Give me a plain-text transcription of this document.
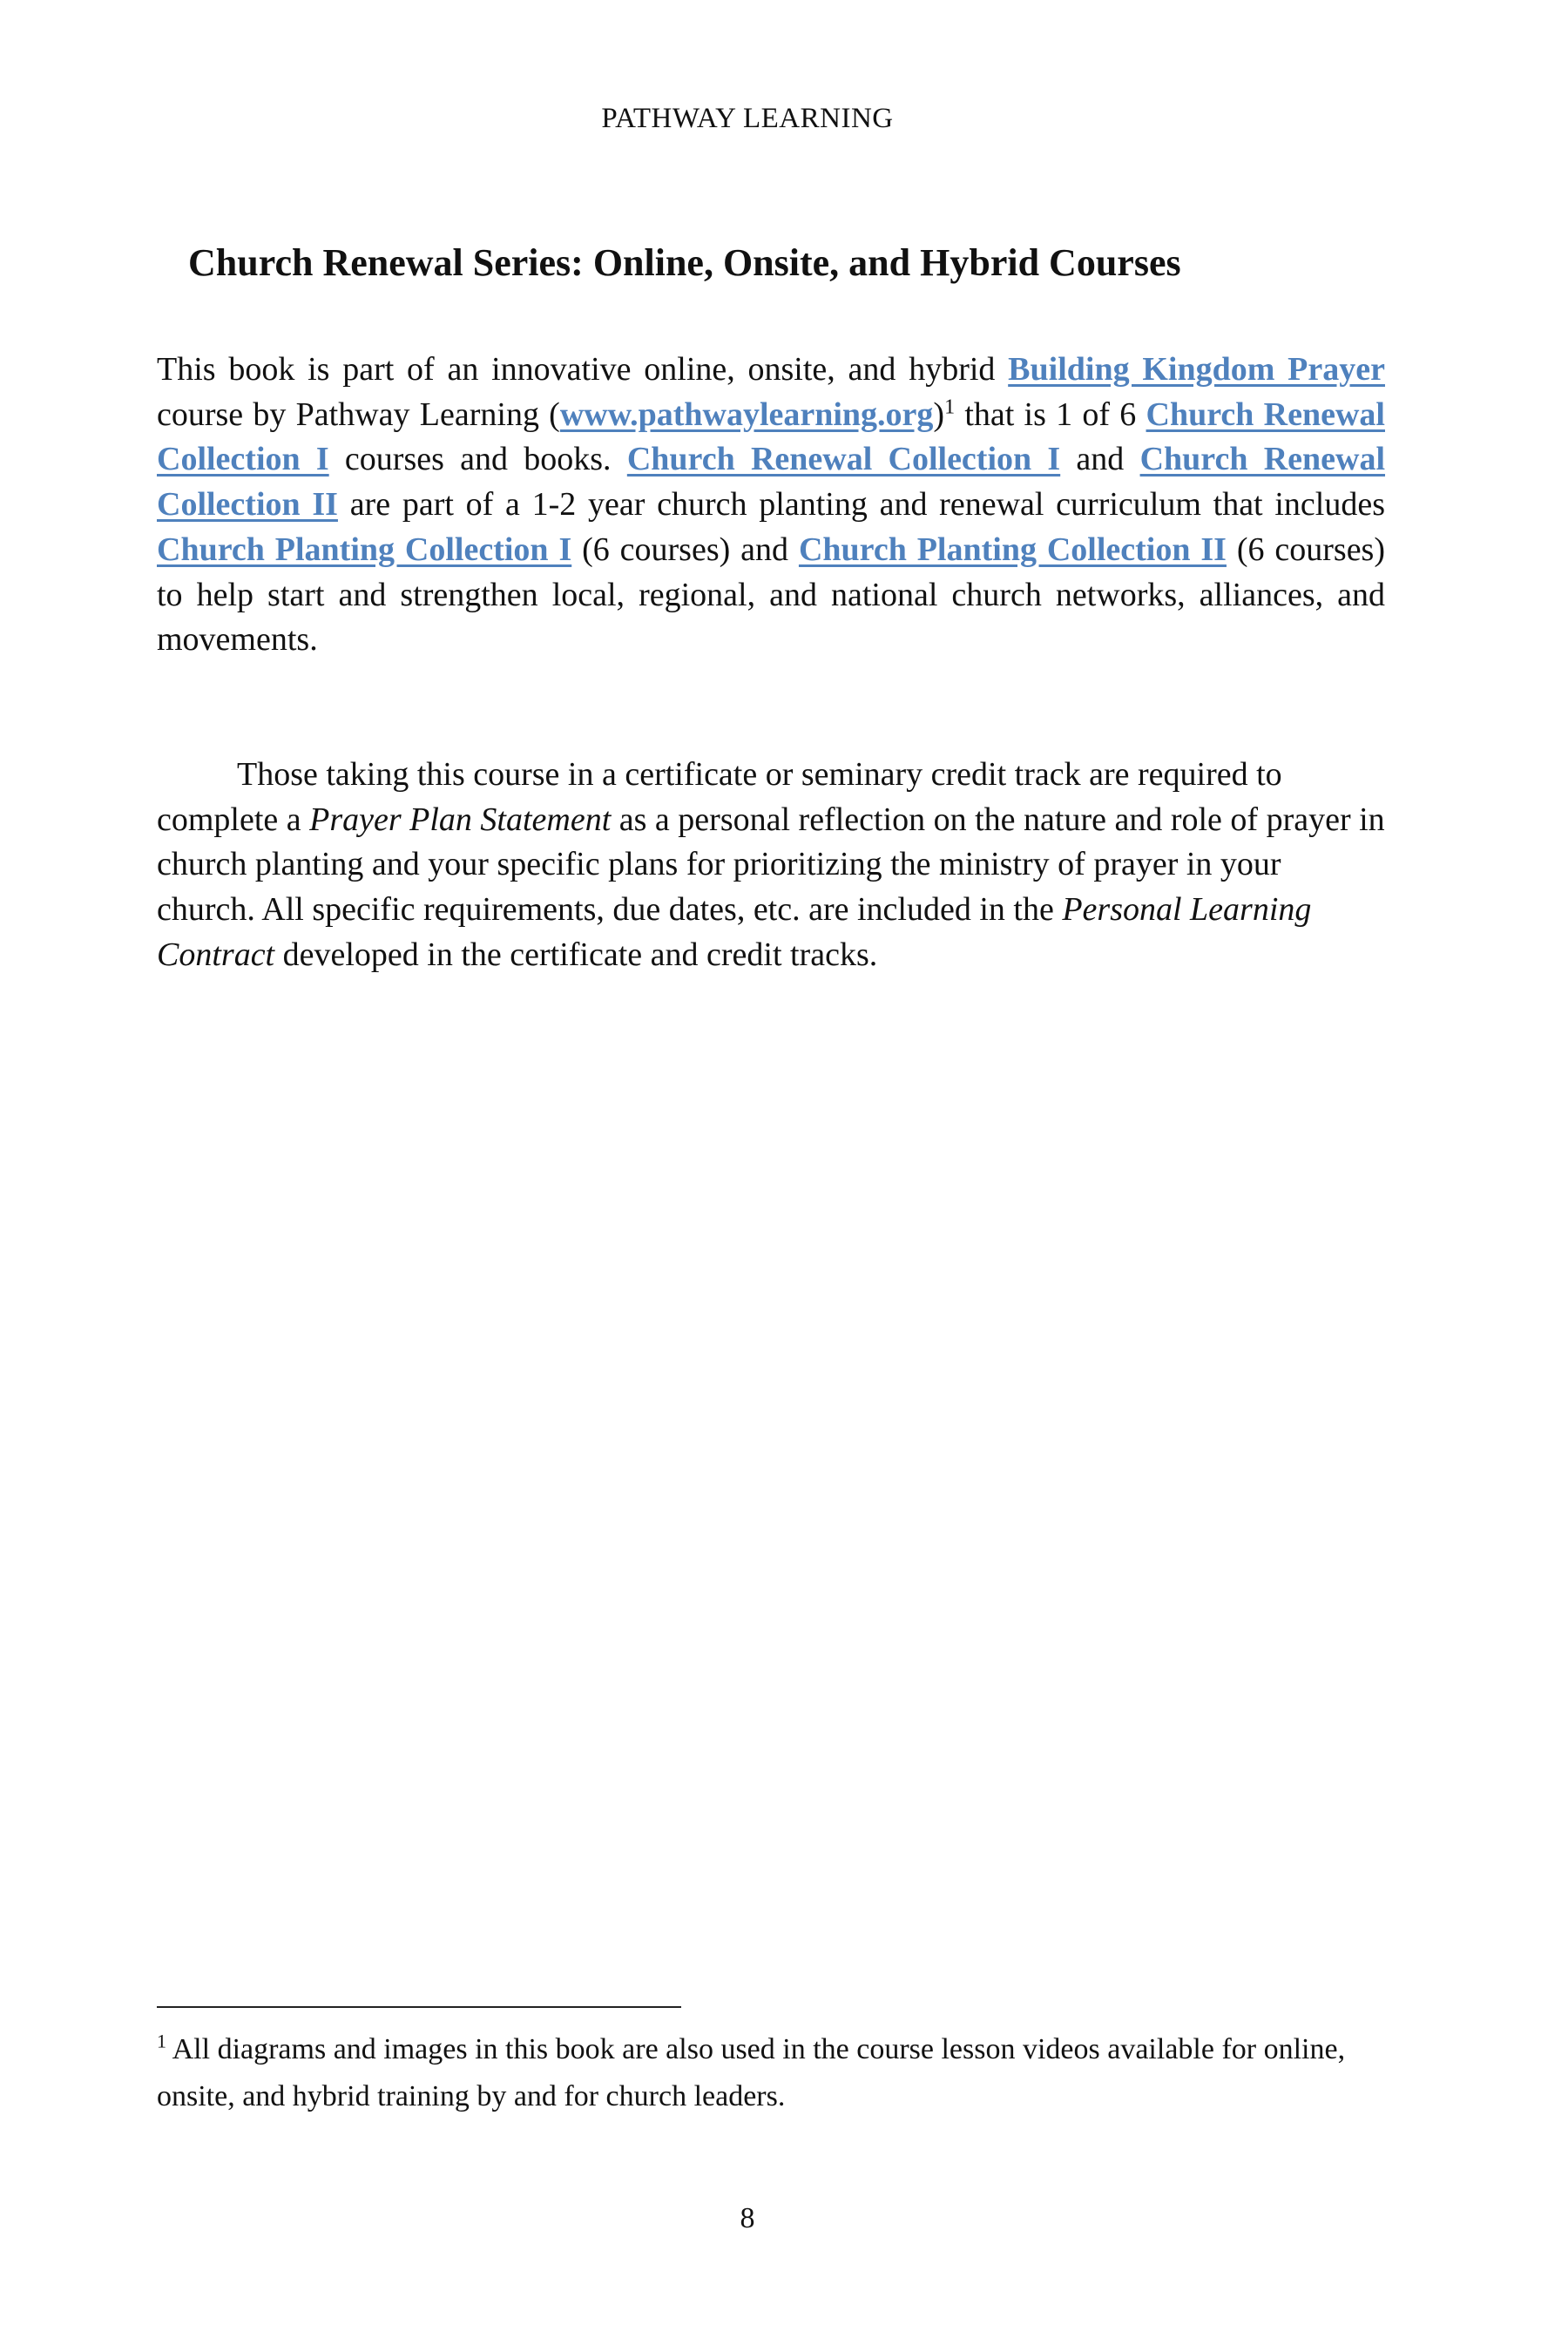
PATHWAY LEARNING

Church Renewal Series: Online, Onsite, and Hybrid Courses

This book is part of an innovative online, onsite, and hybrid Building Kingdom Prayer course by Pathway Learning (www.pathwaylearning.org)$^1$ that is 1 of 6 Church Renewal Collection I courses and books. Church Renewal Collection I and Church Renewal Collection II are part of a 1-2 year church planting and renewal curriculum that includes Church Planting Collection I (6 courses) and Church Planting Collection II (6 courses) to help start and strengthen local, regional, and national church networks, alliances, and movements.

Those taking this course in a certificate or seminary credit track are required to complete a Prayer Plan Statement as a personal reflection on the nature and role of prayer in church planting and your specific plans for prioritizing the ministry of prayer in your church. All specific requirements, due dates, etc. are included in the Personal Learning Contract developed in the certificate and credit tracks.

$^1$ All diagrams and images in this book are also used in the course lesson videos available for online, onsite, and hybrid training by and for church leaders.

8
